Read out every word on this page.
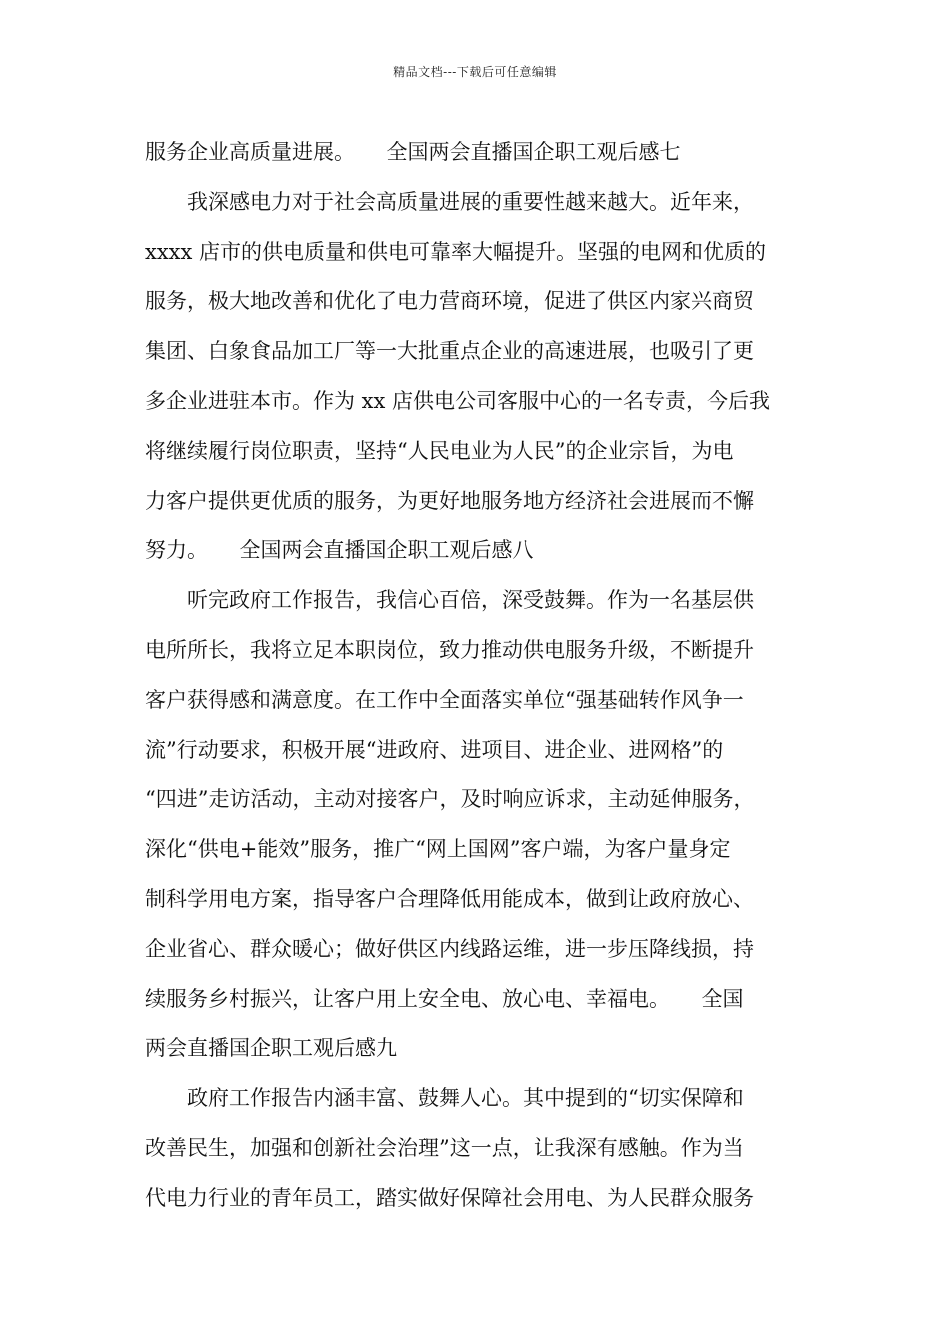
精品文档---下载后可任意编辑
服务企业高质量进展。　　全国两会直播国企职工观后感七
　　我深感电力对于社会高质量进展的重要性越来越大。近年来，
xxxx 店市的供电质量和供电可靠率大幅提升。坚强的电网和优质的
服务，极大地改善和优化了电力营商环境，促进了供区内家兴商贸
集团、白象食品加工厂等一大批重点企业的高速进展，也吸引了更
多企业进驻本市。作为 xx 店供电公司客服中心的一名专责，今后我
将继续履行岗位职责，坚持“人民电业为人民”的企业宗旨，为电
力客户提供更优质的服务，为更好地服务地方经济社会进展而不懈
努力。　　全国两会直播国企职工观后感八
　　听完政府工作报告，我信心百倍，深受鼓舞。作为一名基层供
电所所长，我将立足本职岗位，致力推动供电服务升级，不断提升
客户获得感和满意度。在工作中全面落实单位“强基础转作风争一
流”行动要求，积极开展“进政府、进项目、进企业、进网格”的
“四进”走访活动，主动对接客户，及时响应诉求，主动延伸服务，
深化“供电+能效”服务，推广“网上国网”客户端，为客户量身定
制科学用电方案，指导客户合理降低用能成本，做到让政府放心、
企业省心、群众暖心；做好供区内线路运维，进一步压降线损，持
续服务乡村振兴，让客户用上安全电、放心电、幸福电。　　全国
两会直播国企职工观后感九
　　政府工作报告内涵丰富、鼓舞人心。其中提到的“切实保障和
改善民生，加强和创新社会治理”这一点，让我深有感触。作为当
代电力行业的青年员工，踏实做好保障社会用电、为人民群众服务
